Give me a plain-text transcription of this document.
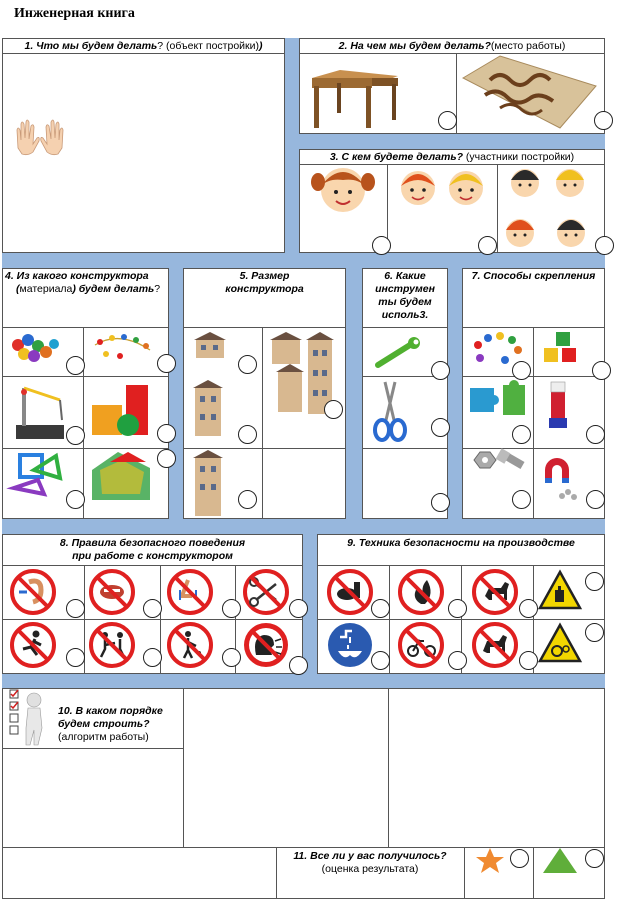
Инженерная книга
1. Что мы будем делать? (объект постройки))	2. На чем мы будем делать?(место работы)
3. С кем будете делать? (участники постройки)
4. Из какого конструктора
(материала) будем делать?
5. Размер
конструктора
6. Какие
инструмен
ты будем
исполь3.
7. Способы скрепления
8. Правила безопасного поведения
при работе с конструктором
9. Техника безопасности на производстве
10. В каком порядке
будем строить?
(алгоритм работы)
11. Все ли у вас получилось?
(оценка результата)
